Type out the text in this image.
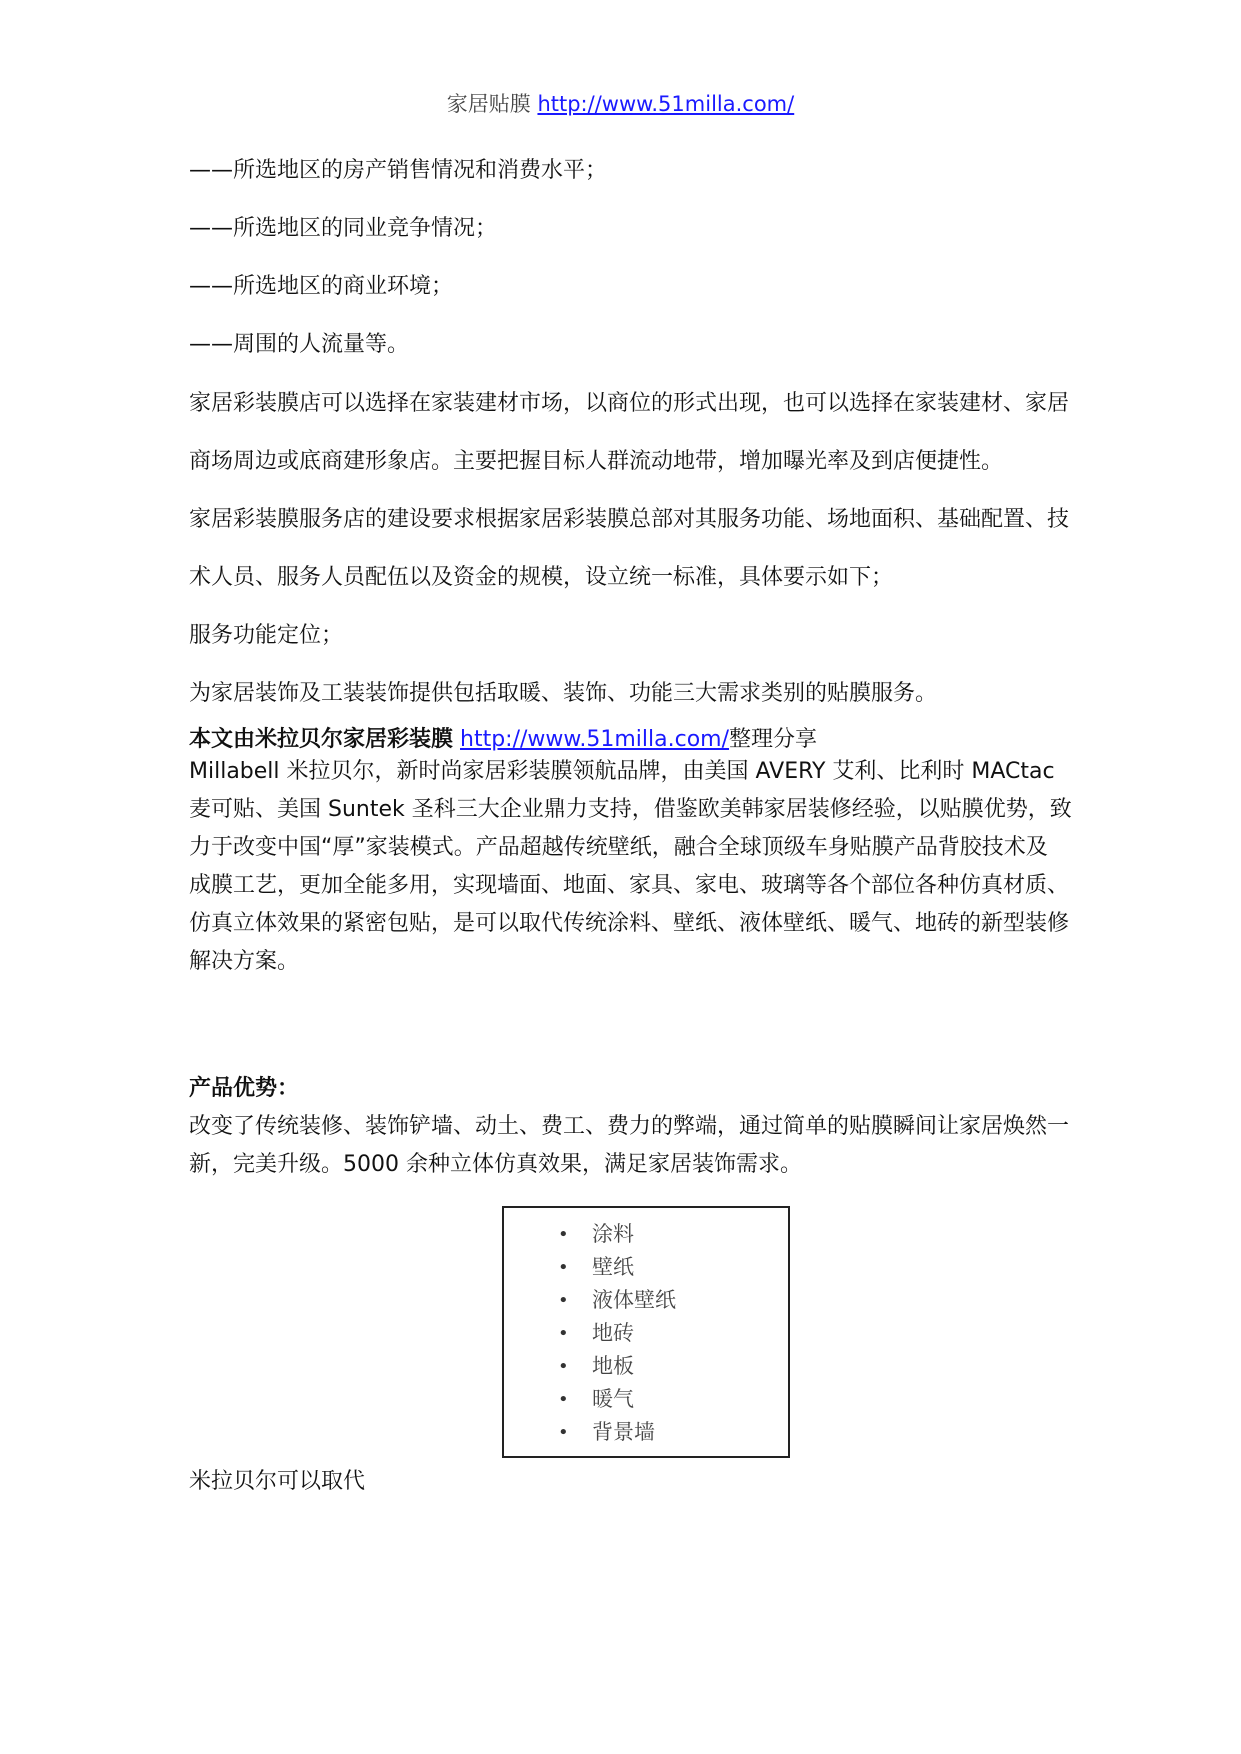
家居贴膜 http://www.51milla.com/
——所选地区的房产销售情况和消费水平；
——所选地区的同业竞争情况；
——所选地区的商业环境；
——周围的人流量等。
家居彩装膜店可以选择在家装建材市场，以商位的形式出现，也可以选择在家装建材、家居
商场周边或底商建形象店。主要把握目标人群流动地带，增加曝光率及到店便捷性。
家居彩装膜服务店的建设要求根据家居彩装膜总部对其服务功能、场地面积、基础配置、技
术人员、服务人员配伍以及资金的规模，设立统一标准，具体要示如下；
服务功能定位；
为家居装饰及工装装饰提供包括取暖、装饰、功能三大需求类别的贴膜服务。
本文由米拉贝尔家居彩装膜 http://www.51milla.com/整理分享

Millabell 米拉贝尔，新时尚家居彩装膜领航品牌，由美国 AVERY 艾利、比利时 MACtac

麦可贴、美国 Suntek 圣科三大企业鼎力支持，借鉴欧美韩家居装修经验，以贴膜优势，致

力于改变中国“厚”家装模式。产品超越传统壁纸，融合全球顶级车身贴膜产品背胶技术及

成膜工艺，更加全能多用，实现墙面、地面、家具、家电、玻璃等各个部位各种仿真材质、

仿真立体效果的紧密包贴，是可以取代传统涂料、壁纸、液体壁纸、暖气、地砖的新型装修

解决方案。

产品优势：

改变了传统装修、装饰铲墙、动土、费工、费力的弊端，通过简单的贴膜瞬间让家居焕然一

新，完美升级。5000 余种立体仿真效果，满足家居装饰需求。

• 涂料
• 壁纸
• 液体壁纸
• 地砖
• 地板
• 暖气
• 背景墙
米拉贝尔可以取代
